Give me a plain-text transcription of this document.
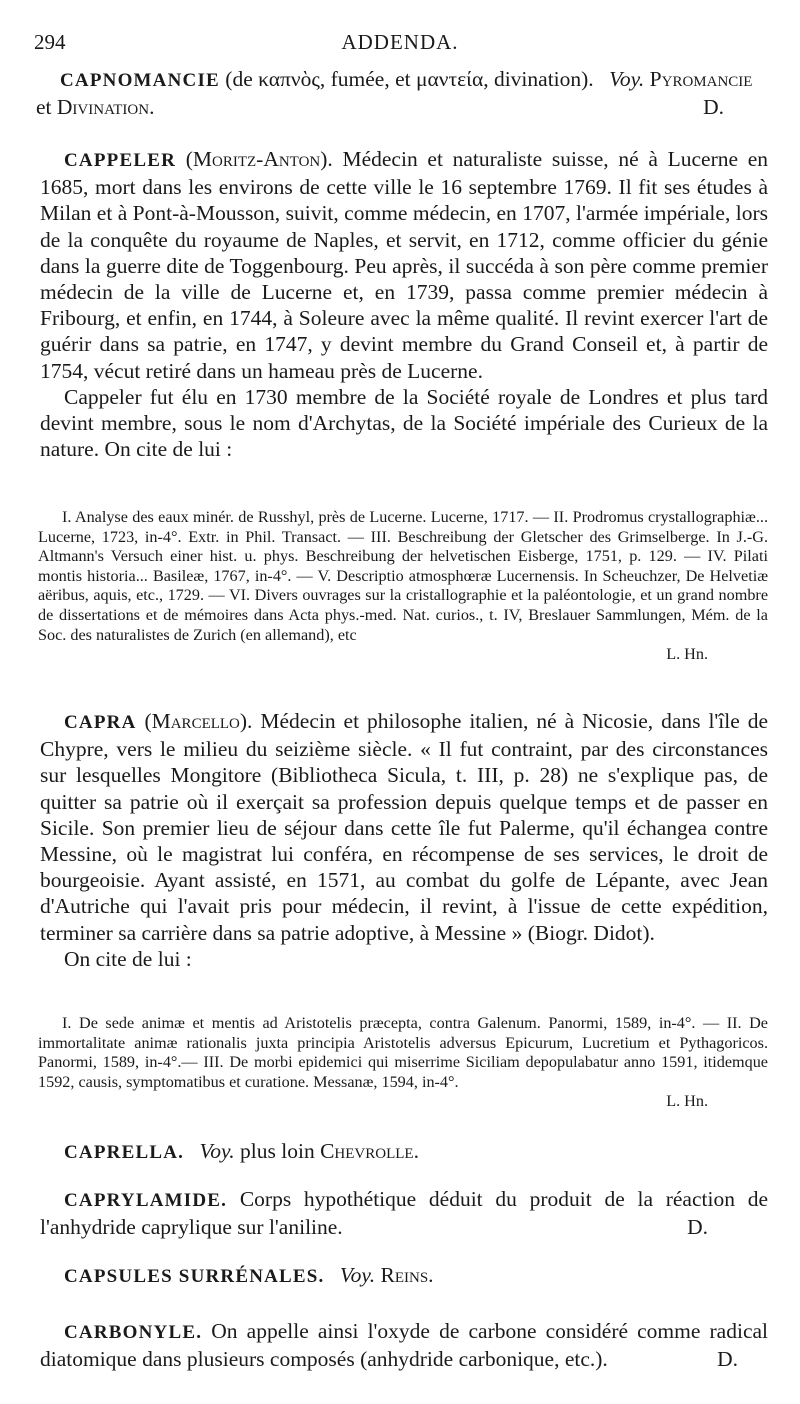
294	ADDENDA.

CAPNOMANCIE (de καπνὸς, fumée, et μαντεία, divination). Voy. Pyromancie

et Divination.	D.

CAPPELER (Moritz-Anton). Médecin et naturaliste suisse, né à Lucerne en 1685, mort dans les environs de cette ville le 16 septembre 1769. Il fit ses études à Milan et à Pont-à-Mousson, suivit, comme médecin, en 1707, l'armée impériale, lors de la conquête du royaume de Naples, et servit, en 1712, comme officier du génie dans la guerre dite de Toggenbourg. Peu après, il succéda à son père comme premier médecin de la ville de Lucerne et, en 1739, passa comme premier médecin à Fribourg, et enfin, en 1744, à Soleure avec la même qualité. Il revint exercer l'art de guérir dans sa patrie, en 1747, y devint membre du Grand Conseil et, à partir de 1754, vécut retiré dans un hameau près de Lucerne.

Cappeler fut élu en 1730 membre de la Société royale de Londres et plus tard devint membre, sous le nom d'Archytas, de la Société impériale des Curieux de la nature. On cite de lui :

I. Analyse des eaux minér. de Russhyl, près de Lucerne. Lucerne, 1717. — II. Prodromus crystallographiæ... Lucerne, 1723, in-4°. Extr. in Phil. Transact. — III. Beschreibung der Gletscher des Grimselberge. In J.-G. Altmann's Versuch einer hist. u. phys. Beschreibung der helvetischen Eisberge, 1751, p. 129. — IV. Pilati montis historia... Basileæ, 1767, in-4°. — V. Descriptio atmosphœræ Lucernensis. In Scheuchzer, De Helvetiæ aëribus, aquis, etc., 1729. — VI. Divers ouvrages sur la cristallographie et la paléontologie, et un grand nombre de dissertations et de mémoires dans Acta phys.-med. Nat. curios., t. IV, Breslauer Sammlungen, Mém. de la Soc. des naturalistes de Zurich (en allemand), etc

L. Hn.

CAPRA (Marcello). Médecin et philosophe italien, né à Nicosie, dans l'île de Chypre, vers le milieu du seizième siècle. « Il fut contraint, par des circonstances sur lesquelles Mongitore (Bibliotheca Sicula, t. III, p. 28) ne s'explique pas, de quitter sa patrie où il exerçait sa profession depuis quelque temps et de passer en Sicile. Son premier lieu de séjour dans cette île fut Palerme, qu'il échangea contre Messine, où le magistrat lui conféra, en récompense de ses services, le droit de bourgeoisie. Ayant assisté, en 1571, au combat du golfe de Lépante, avec Jean d'Autriche qui l'avait pris pour médecin, il revint, à l'issue de cette expédition, terminer sa carrière dans sa patrie adoptive, à Messine » (Biogr. Didot).

On cite de lui :

I. De sede animæ et mentis ad Aristotelis præcepta, contra Galenum. Panormi, 1589, in-4°. — II. De immortalitate animæ rationalis juxta principia Aristotelis adversus Epicurum, Lucretium et Pythagoricos. Panormi, 1589, in-4°.— III. De morbi epidemici qui miserrime Siciliam depopulabatur anno 1591, itidemque 1592, causis, symptomatibus et curatione. Messanæ, 1594, in-4°.

L. Hn.

CAPRELLA. Voy. plus loin Chevrolle.

CAPRYLAMIDE. Corps hypothétique déduit du produit de la réaction de l'anhydride caprylique sur l'aniline.	D.

CAPSULES SURRÉNALES. Voy. Reins.

CARBONYLE. On appelle ainsi l'oxyde de carbone considéré comme radical diatomique dans plusieurs composés (anhydride carbonique, etc.).	D.
